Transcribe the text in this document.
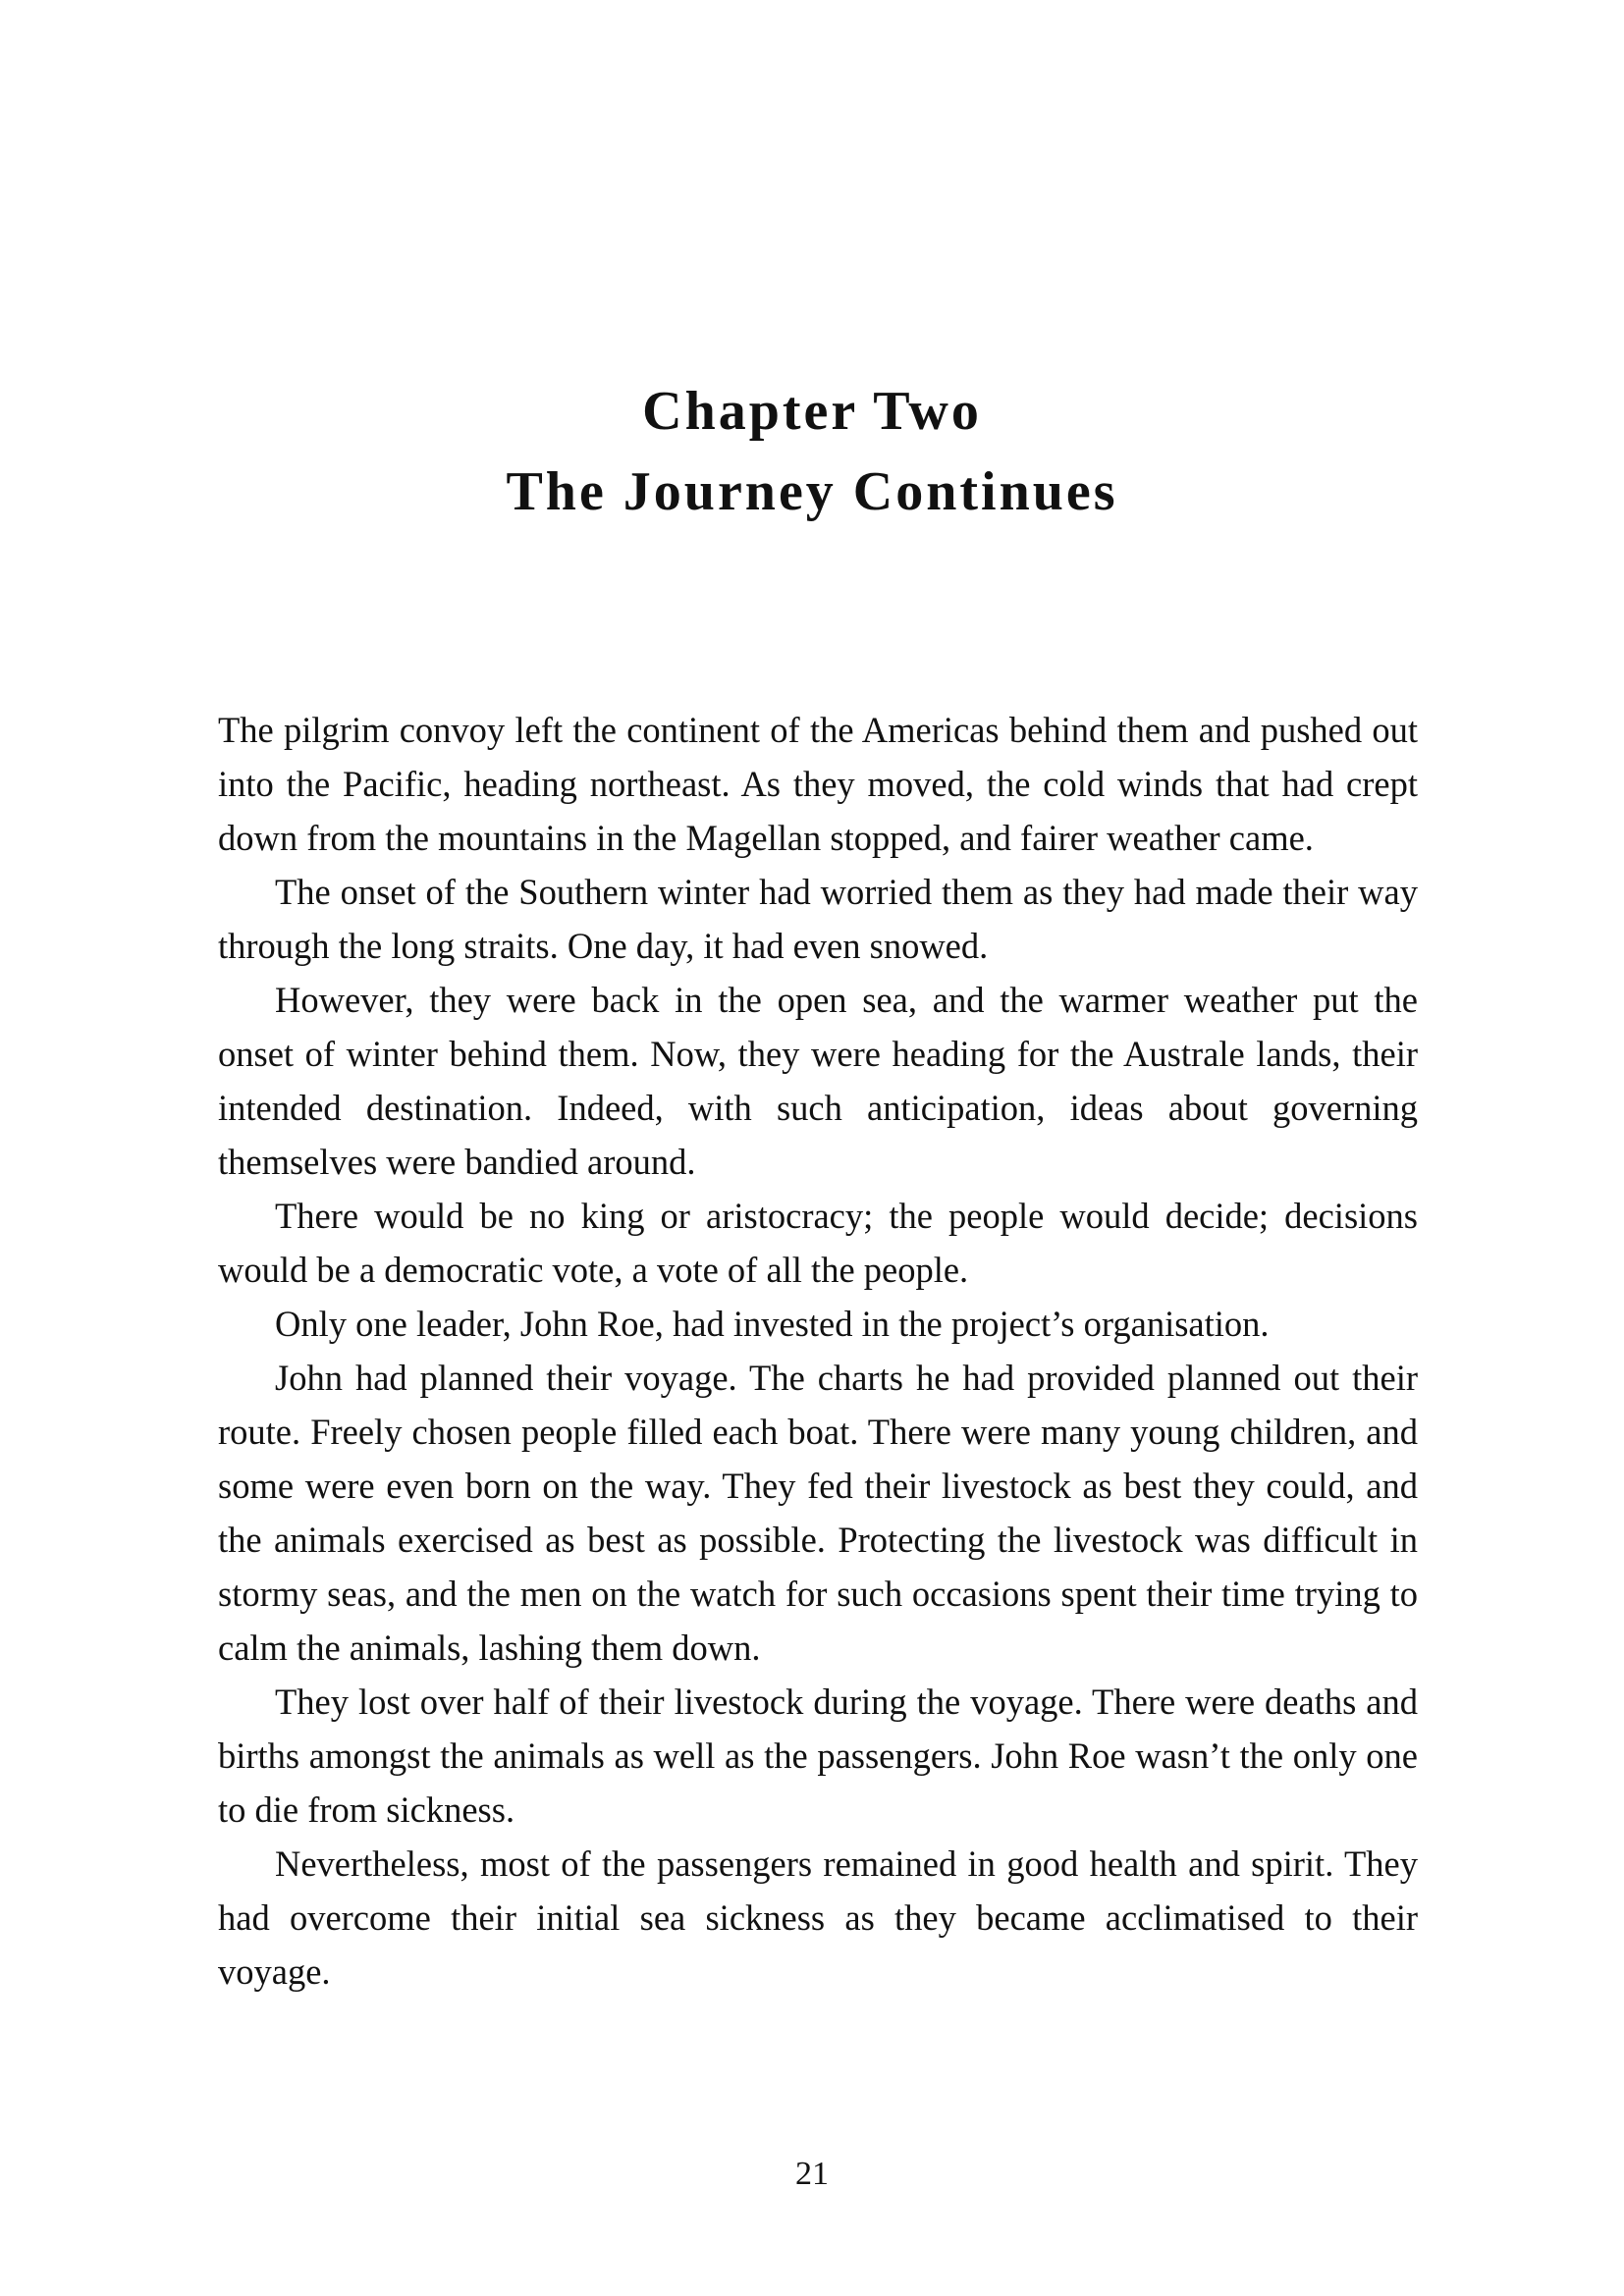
Chapter Two
The Journey Continues

The pilgrim convoy left the continent of the Americas behind them and pushed out into the Pacific, heading northeast. As they moved, the cold winds that had crept down from the mountains in the Magellan stopped, and fairer weather came.

The onset of the Southern winter had worried them as they had made their way through the long straits. One day, it had even snowed.

However, they were back in the open sea, and the warmer weather put the onset of winter behind them. Now, they were heading for the Australe lands, their intended destination. Indeed, with such anticipation, ideas about governing themselves were bandied around.

There would be no king or aristocracy; the people would decide; decisions would be a democratic vote, a vote of all the people.

Only one leader, John Roe, had invested in the project’s organisation.

John had planned their voyage. The charts he had provided planned out their route. Freely chosen people filled each boat. There were many young children, and some were even born on the way. They fed their livestock as best they could, and the animals exercised as best as possible. Protecting the livestock was difficult in stormy seas, and the men on the watch for such occasions spent their time trying to calm the animals, lashing them down.

They lost over half of their livestock during the voyage. There were deaths and births amongst the animals as well as the passengers. John Roe wasn’t the only one to die from sickness.

Nevertheless, most of the passengers remained in good health and spirit. They had overcome their initial sea sickness as they became acclimatised to their voyage.

21
